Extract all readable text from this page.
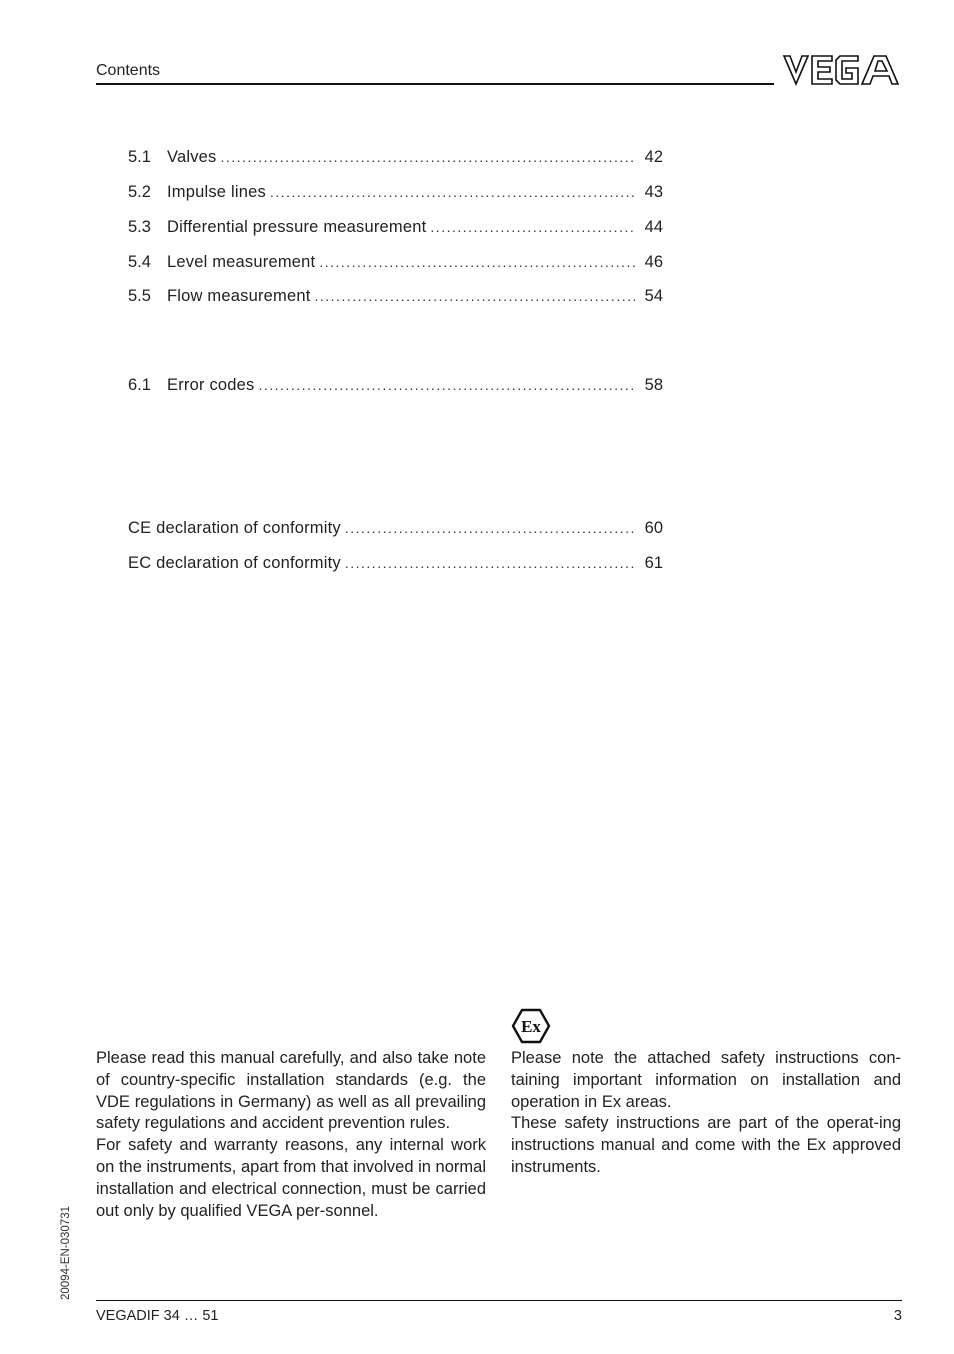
Contents
5.1 Valves .....	42
5.2 Impulse lines .....	43
5.3 Differential pressure measurement .....	44
5.4 Level measurement .....	46
5.5 Flow measurement .....	54
6.1 Error codes .....	58
CE declaration of conformity .....	60
EC declaration of conformity .....	61
Ex

Please read this manual carefully, and also take note of country-specific installation standards (e.g. the VDE regulations in Germany) as well as all prevailing safety regulations and accident prevention rules.

For safety and warranty reasons, any internal work on the instruments, apart from that involved in normal installation and electrical connection, must be carried out only by qualified VEGA per-sonnel.

Please note the attached safety instructions con-taining important information on installation and operation in Ex areas.

These safety instructions are part of the operat-ing instructions manual and come with the Ex approved instruments.

20094-EN-030731
VEGADIF 34 … 51	3
